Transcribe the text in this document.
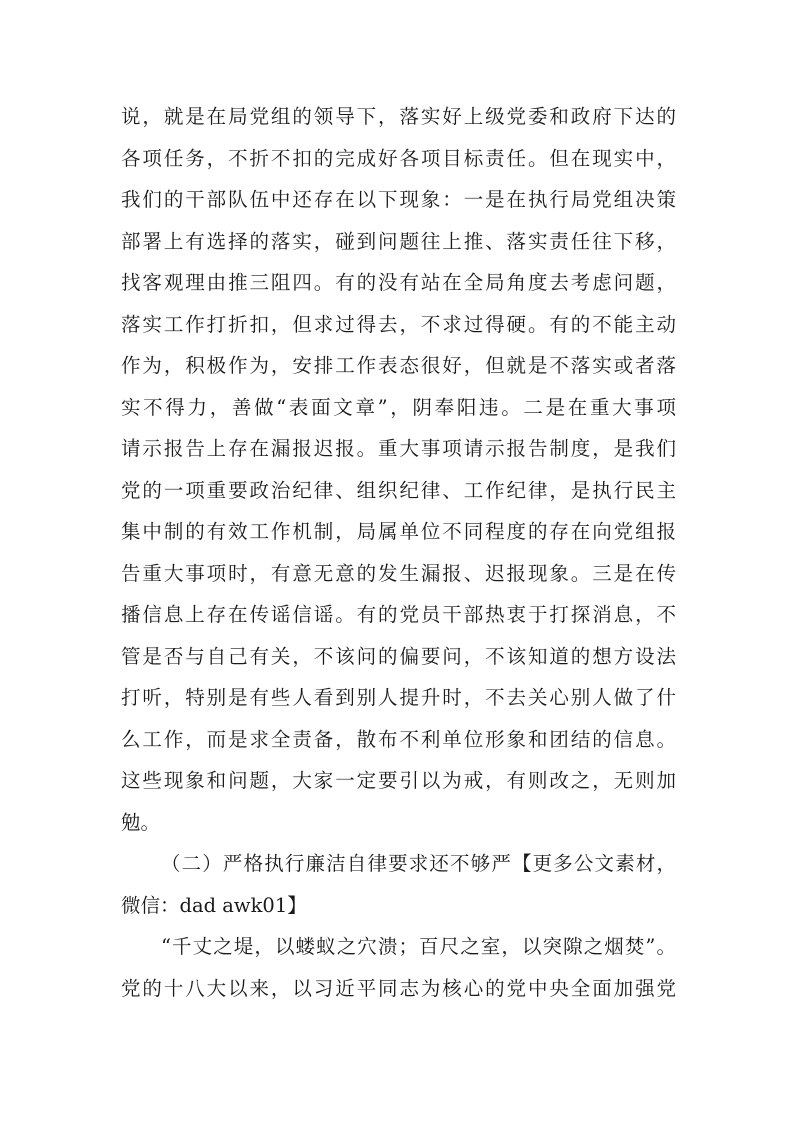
说，就是在局党组的领导下，落实好上级党委和政府下达的
各项任务，不折不扣的完成好各项目标责任。但在现实中，
我们的干部队伍中还存在以下现象：一是在执行局党组决策
部署上有选择的落实，碰到问题往上推、落实责任往下移，
找客观理由推三阻四。有的没有站在全局角度去考虑问题，
落实工作打折扣，但求过得去，不求过得硬。有的不能主动
作为，积极作为，安排工作表态很好，但就是不落实或者落
实不得力，善做“表面文章”，阴奉阳违。二是在重大事项
请示报告上存在漏报迟报。重大事项请示报告制度，是我们
党的一项重要政治纪律、组织纪律、工作纪律，是执行民主
集中制的有效工作机制，局属单位不同程度的存在向党组报
告重大事项时，有意无意的发生漏报、迟报现象。三是在传
播信息上存在传谣信谣。有的党员干部热衷于打探消息，不
管是否与自己有关，不该问的偏要问，不该知道的想方设法
打听，特别是有些人看到别人提升时，不去关心别人做了什
么工作，而是求全责备，散布不利单位形象和团结的信息。
这些现象和问题，大家一定要引以为戒，有则改之，无则加
勉。
（二）严格执行廉洁自律要求还不够严【更多公文素材，
微信：dad awk01】
“千丈之堤，以蝼蚁之穴溃；百尺之室，以突隙之烟焚”。
党的十八大以来，以习近平同志为核心的党中央全面加强党
